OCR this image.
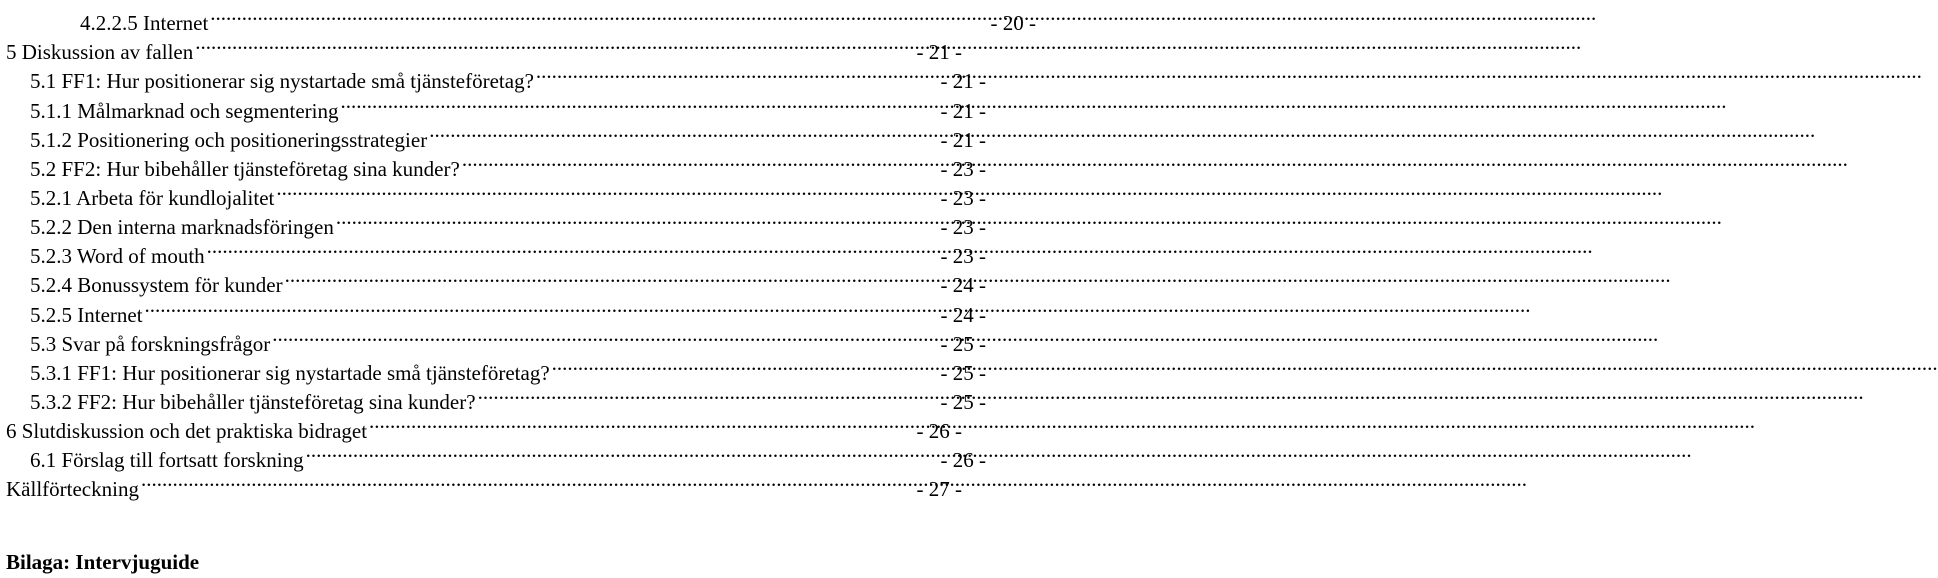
4.2.2.5 Internet .....	- 20 -
5 Diskussion av fallen .....	- 21 -
5.1 FF1: Hur positionerar sig nystartade små tjänsteföretag? .....	- 21 -
5.1.1 Målmarknad och segmentering .....	- 21 -
5.1.2 Positionering och positioneringsstrategier .....	- 21 -
5.2 FF2: Hur bibehåller tjänsteföretag sina kunder? .....	- 23 -
5.2.1 Arbeta för kundlojalitet .....	- 23 -
5.2.2 Den interna marknadsföringen .....	- 23 -
5.2.3 Word of mouth .....	- 23 -
5.2.4 Bonussystem för kunder .....	- 24 -
5.2.5 Internet .....	- 24 -
5.3 Svar på forskningsfrågor .....	- 25 -
5.3.1 FF1: Hur positionerar sig nystartade små tjänsteföretag? .....	- 25 -
5.3.2 FF2: Hur bibehåller tjänsteföretag sina kunder? .....	- 25 -
6 Slutdiskussion och det praktiska bidraget .....	- 26 -
6.1 Förslag till fortsatt forskning .....	- 26 -
Källförteckning .....	- 27 -
Bilaga: Intervjuguide
